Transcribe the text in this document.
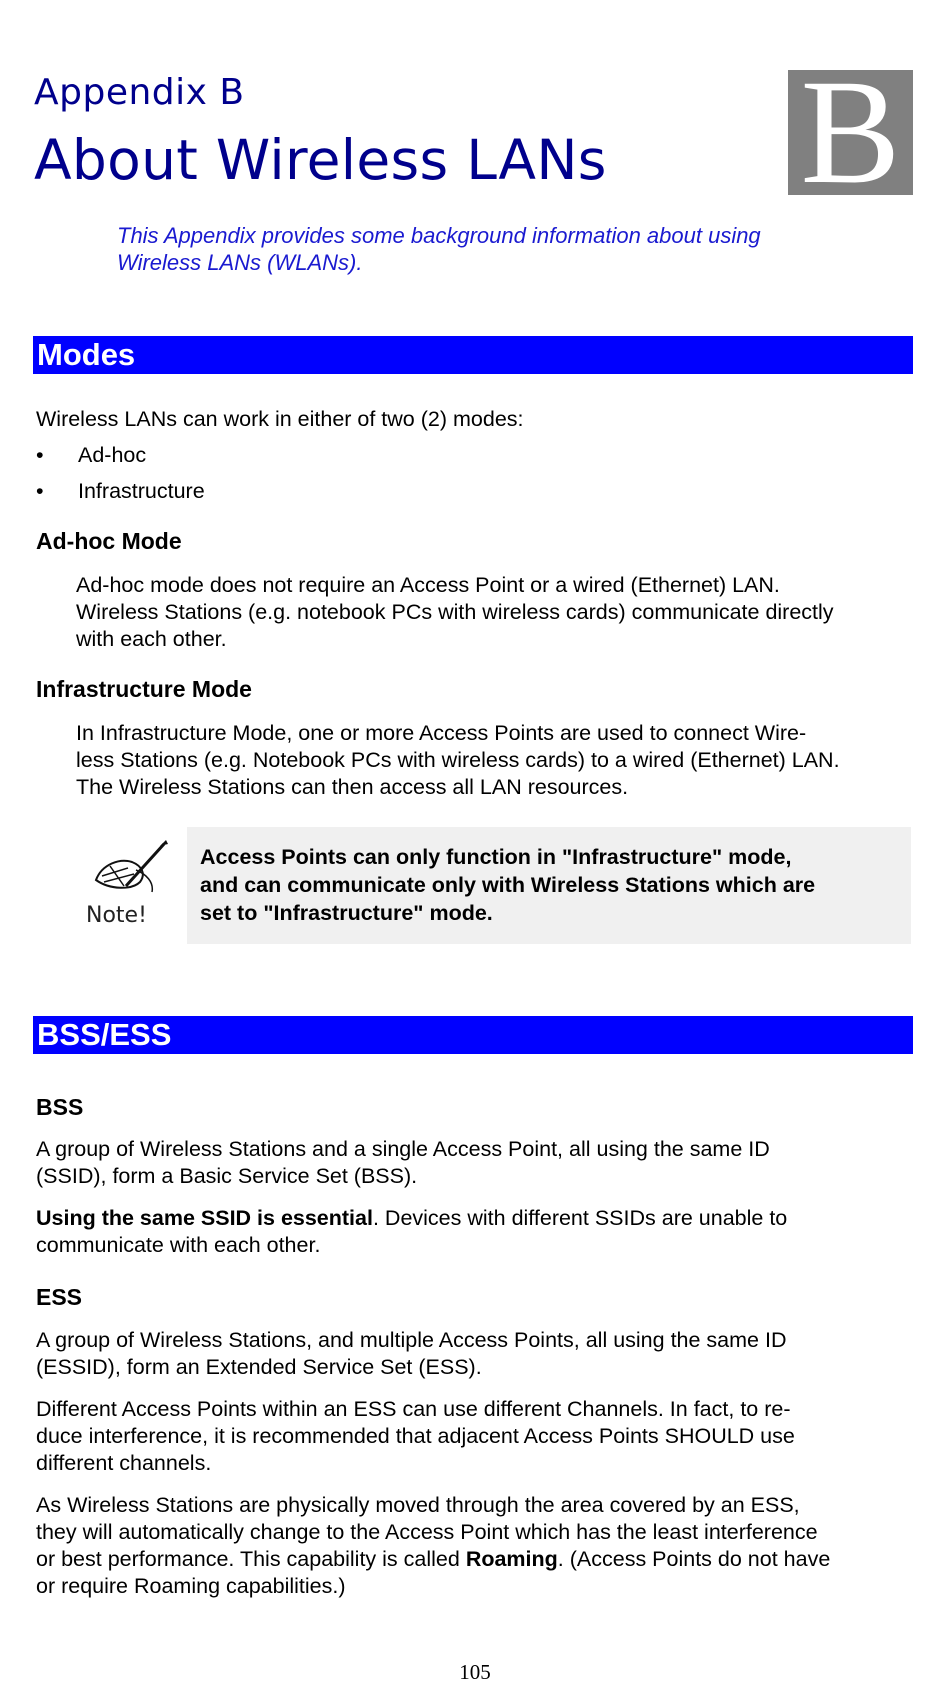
Appendix B
About Wireless LANs B
This Appendix provides some background information about using
Wireless LANs (WLANs).
Modes
Wireless LANs can work in either of two (2) modes:
• Ad-hoc
• Infrastructure
Ad-hoc Mode
Ad-hoc mode does not require an Access Point or a wired (Ethernet) LAN.
Wireless Stations (e.g. notebook PCs with wireless cards) communicate directly
with each other.
Infrastructure Mode
In Infrastructure Mode, one or more Access Points are used to connect Wire-
less Stations (e.g. Notebook PCs with wireless cards) to a wired (Ethernet) LAN.
The Wireless Stations can then access all LAN resources.
Note!
Access Points can only function in "Infrastructure" mode,
and can communicate only with Wireless Stations which are
set to "Infrastructure" mode.
BSS/ESS
BSS
A group of Wireless Stations and a single Access Point, all using the same ID
(SSID), form a Basic Service Set (BSS).
Using the same SSID is essential. Devices with different SSIDs are unable to
communicate with each other.
ESS
A group of Wireless Stations, and multiple Access Points, all using the same ID
(ESSID), form an Extended Service Set (ESS).
Different Access Points within an ESS can use different Channels. In fact, to re-
duce interference, it is recommended that adjacent Access Points SHOULD use
different channels.
As Wireless Stations are physically moved through the area covered by an ESS,
they will automatically change to the Access Point which has the least interference
or best performance. This capability is called Roaming. (Access Points do not have
or require Roaming capabilities.)
105
